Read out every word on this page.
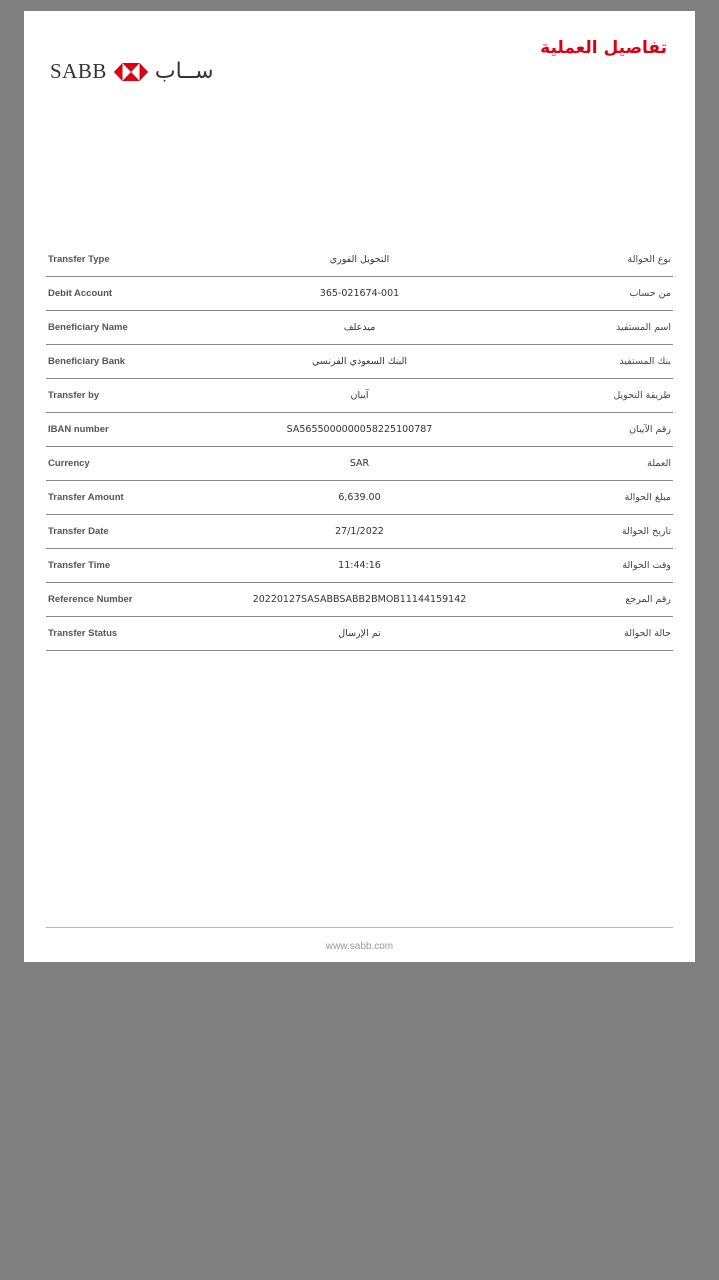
SABB ســاب
تفاصيل العملية
Transfer Type	التحويل الفوري	نوع الحوالة
Debit Account	365-021674-001	من حساب
Beneficiary Name	ميدعلف	اسم المستفيد
Beneficiary Bank	البنك السعودي الفرنسي	بنك المستفيد
Transfer by	آيبان	طريقة التحويل
IBAN number	SA5655000000058225100787	رقم الآيبان
Currency	SAR	العملة
Transfer Amount	6,639.00	مبلغ الحوالة
Transfer Date	27/1/2022	تاريخ الحوالة
Transfer Time	11:44:16	وقت الحوالة
Reference Number	20220127SASABBSABB2BMOB11144159142	رقم المرجع
Transfer Status	تم الإرسال	حالة الحوالة
www.sabb.com
